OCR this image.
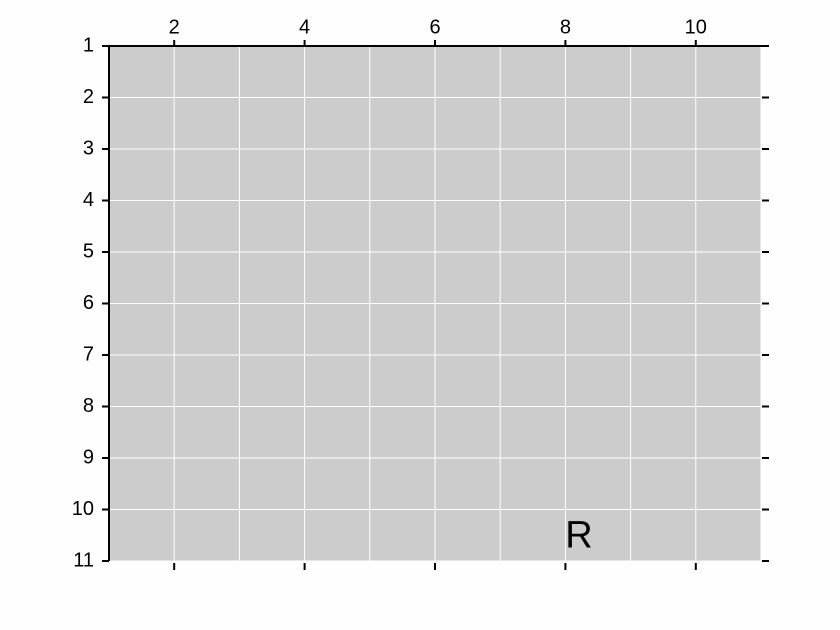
2	4	6	8	10
1
2
3
4
5
6
7
8
9
10
11
R
